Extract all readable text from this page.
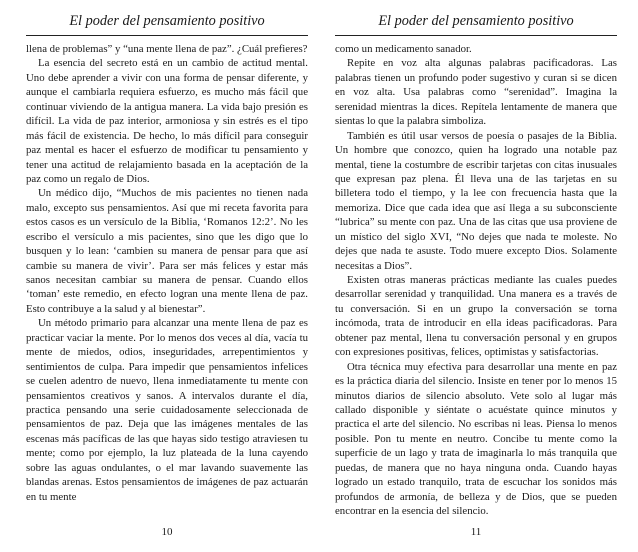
El poder del pensamiento positivo

llena de problemas” y “una mente llena de paz”. ¿Cuál prefieres?

La esencia del secreto está en un cambio de actitud mental. Uno debe aprender a vivir con una forma de pensar diferente, y aunque el cambiarla requiera esfuerzo, es mucho más fácil que continuar viviendo de la antigua manera. La vida bajo presión es difícil. La vida de paz interior, armoniosa y sin estrés es el tipo más fácil de existencia. De hecho, lo más difícil para conseguir paz mental es hacer el esfuerzo de modificar tu pensamiento y tener una actitud de relajamiento basada en la aceptación de la paz como un regalo de Dios.

Un médico dijo, “Muchos de mis pacientes no tienen nada malo, excepto sus pensamientos. Así que mi receta favorita para estos casos es un versículo de la Biblia, ‘Romanos 12:2’. No les escribo el versículo a mis pacientes, sino que les digo que lo busquen y lo lean: ‘cambien su manera de pensar para que así cambie su manera de vivir’. Para ser más felices y estar más sanos necesitan cambiar su manera de pensar. Cuando ellos ‘toman’ este remedio, en efecto logran una mente llena de paz. Esto contribuye a la salud y al bienestar”.

Un método primario para alcanzar una mente llena de paz es practicar vaciar la mente. Por lo menos dos veces al día, vacía tu mente de miedos, odios, inseguridades, arrepentimientos y sentimientos de culpa. Para impedir que pensamientos infelices se cuelen adentro de nuevo, llena inmediatamente tu mente con pensamientos creativos y sanos. A intervalos durante el día, practica pensando una serie cuidadosamente seleccionada de pensamientos de paz. Deja que las imágenes mentales de las escenas más pacíficas de las que hayas sido testigo atraviesen tu mente; como por ejemplo, la luz plateada de la luna cayendo sobre las aguas ondulantes, o el mar lavando suavemente las blandas arenas. Estos pensamientos de imágenes de paz actuarán en tu mente

10
El poder del pensamiento positivo

como un medicamento sanador.

Repite en voz alta algunas palabras pacificadoras. Las palabras tienen un profundo poder sugestivo y curan si se dicen en voz alta. Usa palabras como “serenidad”. Imagina la serenidad mientras la dices. Repítela lentamente de manera que sientas lo que la palabra simboliza.

También es útil usar versos de poesía o pasajes de la Biblia. Un hombre que conozco, quien ha logrado una notable paz mental, tiene la costumbre de escribir tarjetas con citas inusuales que expresan paz plena. Él lleva una de las tarjetas en su billetera todo el tiempo, y la lee con frecuencia hasta que la memoriza. Dice que cada idea que así llega a su subconsciente “lubrica” su mente con paz. Una de las citas que usa proviene de un místico del siglo XVI, “No dejes que nada te moleste. No dejes que nada te asuste. Todo muere excepto Dios. Solamente necesitas a Dios”.

Existen otras maneras prácticas mediante las cuales puedes desarrollar serenidad y tranquilidad. Una manera es a través de tu conversación. Si en un grupo la conversación se torna incómoda, trata de introducir en ella ideas pacificadoras. Para obtener paz mental, llena tu conversación personal y en grupos con expresiones positivas, felices, optimistas y satisfactorias.

Otra técnica muy efectiva para desarrollar una mente en paz es la práctica diaria del silencio. Insiste en tener por lo menos 15 minutos diarios de silencio absoluto. Vete solo al lugar más callado disponible y siéntate o acuéstate quince minutos y practica el arte del silencio. No escribas ni leas. Piensa lo menos posible. Pon tu mente en neutro. Concibe tu mente como la superficie de un lago y trata de imaginarla lo más tranquila que puedas, de manera que no haya ninguna onda. Cuando hayas logrado un estado tranquilo, trata de escuchar los sonidos más profundos de armonía, de belleza y de Dios, que se pueden encontrar en la esencia del silencio.

11
